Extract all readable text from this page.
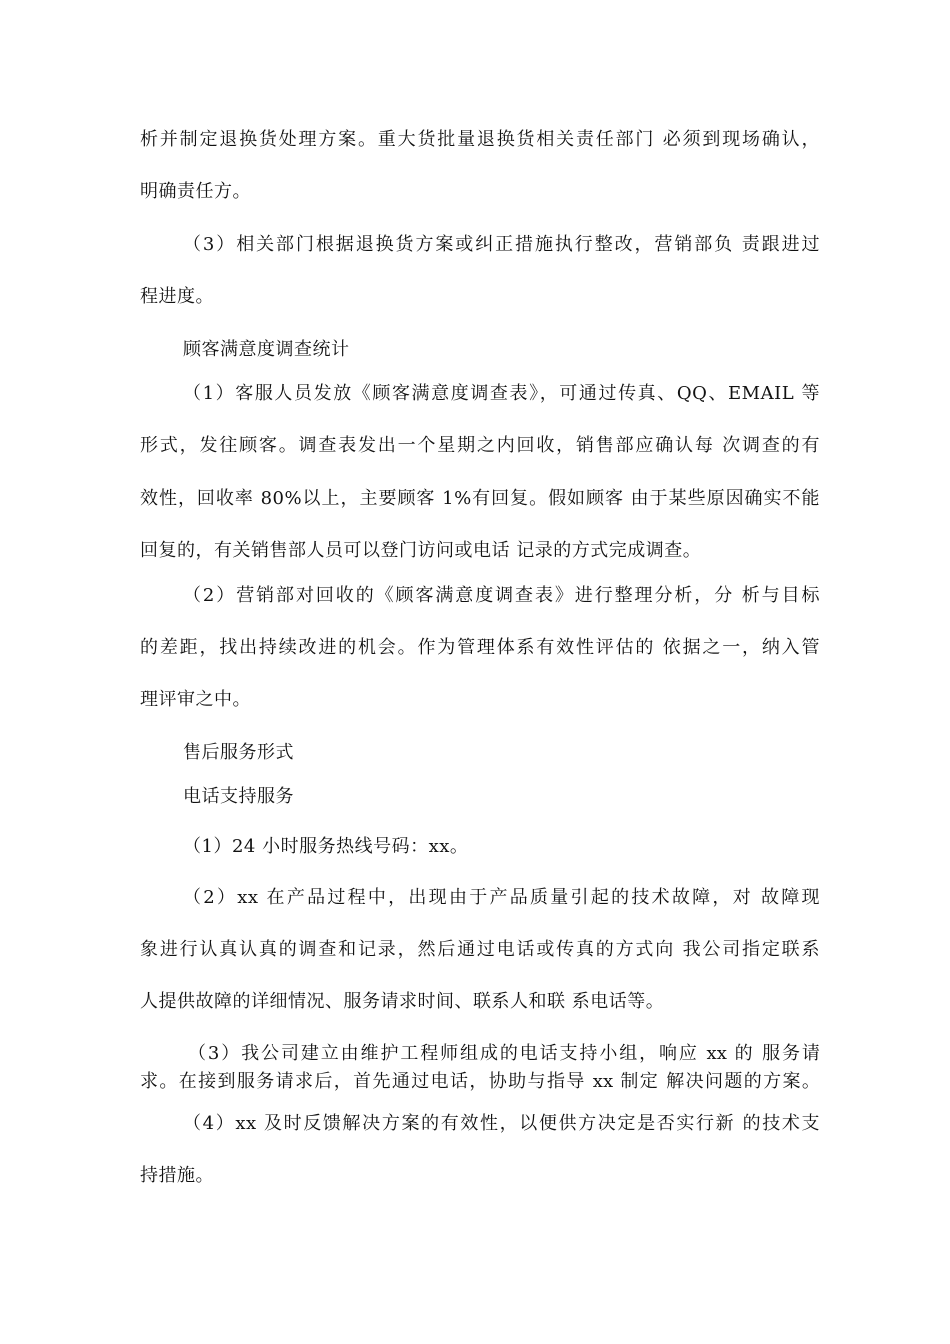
析并制定退换货处理方案。重大货批量退换货相关责任部门 必须到现场确认，

明确责任方。

（3）相关部门根据退换货方案或纠正措施执行整改，营销部负 责跟进过

程进度。

顾客满意度调查统计

（1）客服人员发放《顾客满意度调查表》，可通过传真、QQ、EMAIL 等

形式，发往顾客。调查表发出一个星期之内回收，销售部应确认每 次调查的有

效性，回收率 80%以上，主要顾客 1%有回复。假如顾客 由于某些原因确实不能

回复的，有关销售部人员可以登门访问或电话 记录的方式完成调查。

（2）营销部对回收的《顾客满意度调查表》进行整理分析，分 析与目标

的差距，找出持续改进的机会。作为管理体系有效性评估的 依据之一，纳入管

理评审之中。

售后服务形式

电话支持服务

（1）24 小时服务热线号码：xx。

（2）xx 在产品过程中，出现由于产品质量引起的技术故障，对 故障现

象进行认真认真的调查和记录，然后通过电话或传真的方式向 我公司指定联系

人提供故障的详细情况、服务请求时间、联系人和联 系电话等。

（3）我公司建立由维护工程师组成的电话支持小组，响应 xx 的 服务请

求。在接到服务请求后，首先通过电话，协助与指导 xx 制定 解决问题的方案。

（4）xx 及时反馈解决方案的有效性，以便供方决定是否实行新 的技术支

持措施。
